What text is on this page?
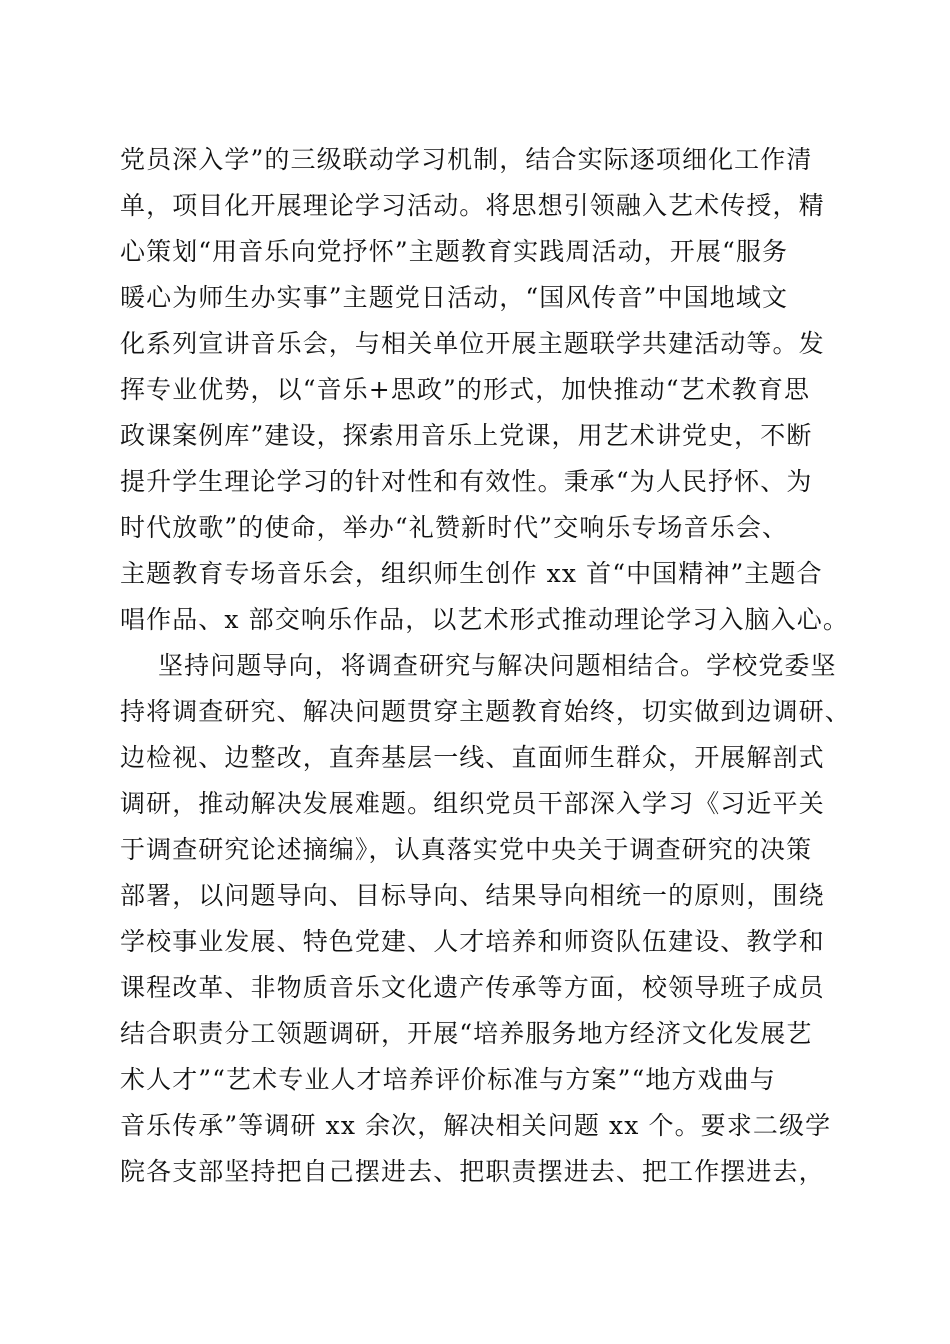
党员深入学”的三级联动学习机制，结合实际逐项细化工作清
单，项目化开展理论学习活动。将思想引领融入艺术传授，精
心策划“用音乐向党抒怀”主题教育实践周活动，开展“服务
暖心为师生办实事”主题党日活动，“国风传音”中国地域文
化系列宣讲音乐会，与相关单位开展主题联学共建活动等。发
挥专业优势，以“音乐+思政”的形式，加快推动“艺术教育思
政课案例库”建设，探索用音乐上党课，用艺术讲党史，不断
提升学生理论学习的针对性和有效性。秉承“为人民抒怀、为
时代放歌”的使命，举办“礼赞新时代”交响乐专场音乐会、
主题教育专场音乐会，组织师生创作 xx 首“中国精神”主题合
唱作品、x 部交响乐作品，以艺术形式推动理论学习入脑入心。
坚持问题导向，将调查研究与解决问题相结合。学校党委坚
持将调查研究、解决问题贯穿主题教育始终，切实做到边调研、
边检视、边整改，直奔基层一线、直面师生群众，开展解剖式
调研，推动解决发展难题。组织党员干部深入学习《习近平关
于调查研究论述摘编》，认真落实党中央关于调查研究的决策
部署，以问题导向、目标导向、结果导向相统一的原则，围绕
学校事业发展、特色党建、人才培养和师资队伍建设、教学和
课程改革、非物质音乐文化遗产传承等方面，校领导班子成员
结合职责分工领题调研，开展“培养服务地方经济文化发展艺
术人才”“艺术专业人才培养评价标准与方案”“地方戏曲与
音乐传承”等调研 xx 余次，解决相关问题 xx 个。要求二级学
院各支部坚持把自己摆进去、把职责摆进去、把工作摆进去，
